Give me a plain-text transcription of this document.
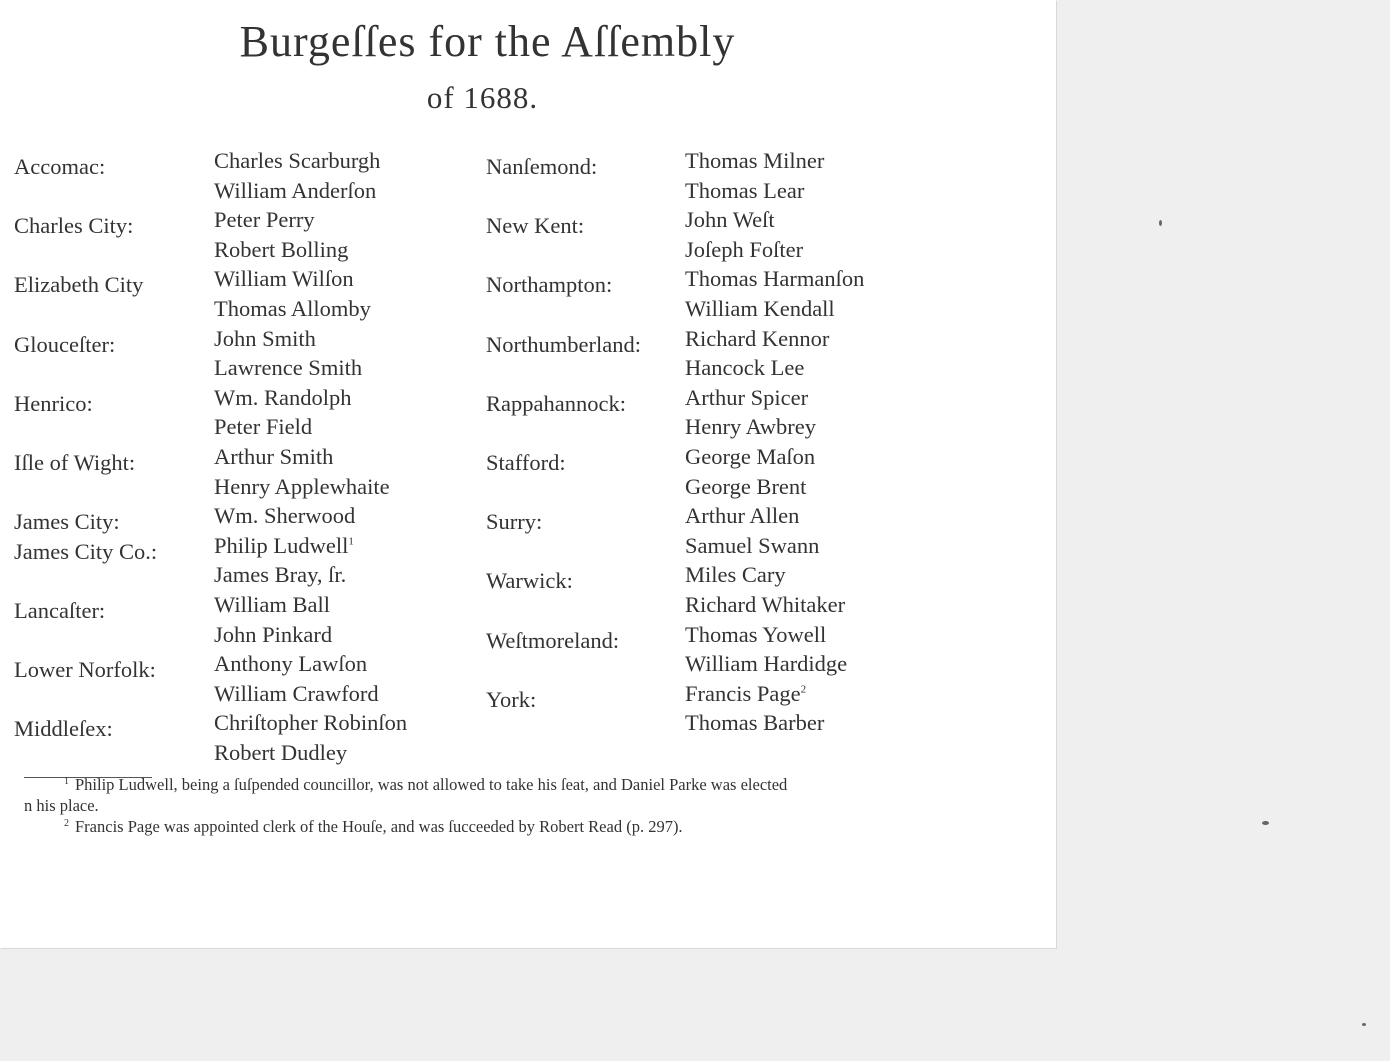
Burgeſſes for the Aſſembly
of 1688.
Accomac:	Charles Scarburgh
William Anderſon
Charles City:	Peter Perry
Robert Bolling
Elizabeth City	William Wilſon
Thomas Allomby
Glouceſter:	John Smith
Lawrence Smith
Henrico:	Wm. Randolph
Peter Field
Iſle of Wight:	Arthur Smith
Henry Applewhaite
James City:	Wm. Sherwood
James City Co.:	Philip Ludwell$^1$
James Bray, ſr.
Lancaſter:	William Ball
John Pinkard
Lower Norfolk:	Anthony Lawſon
William Crawford
Middleſex:	Chriſtopher Robinſon
Robert Dudley
Nanſemond:	Thomas Milner
Thomas Lear
New Kent:	John Weſt
Joſeph Foſter
Northampton:	Thomas Harmanſon
William Kendall
Northumberland: Richard Kennor
Hancock Lee
Rappahannock:	Arthur Spicer
Henry Awbrey
Stafford:	George Maſon
George Brent
Surry:	Arthur Allen
Samuel Swann
Warwick:	Miles Cary
Richard Whitaker
Weſtmoreland:	Thomas Yowell
William Hardidge
York:	Francis Page$^2$
Thomas Barber
$^1$ Philip Ludwell, being a ſuſpended councillor, was not allowed to take his ſeat, and Daniel Parke was elected
n his place.
$^2$ Francis Page was appointed clerk of the Houſe, and was ſucceeded by Robert Read (p. 297).
